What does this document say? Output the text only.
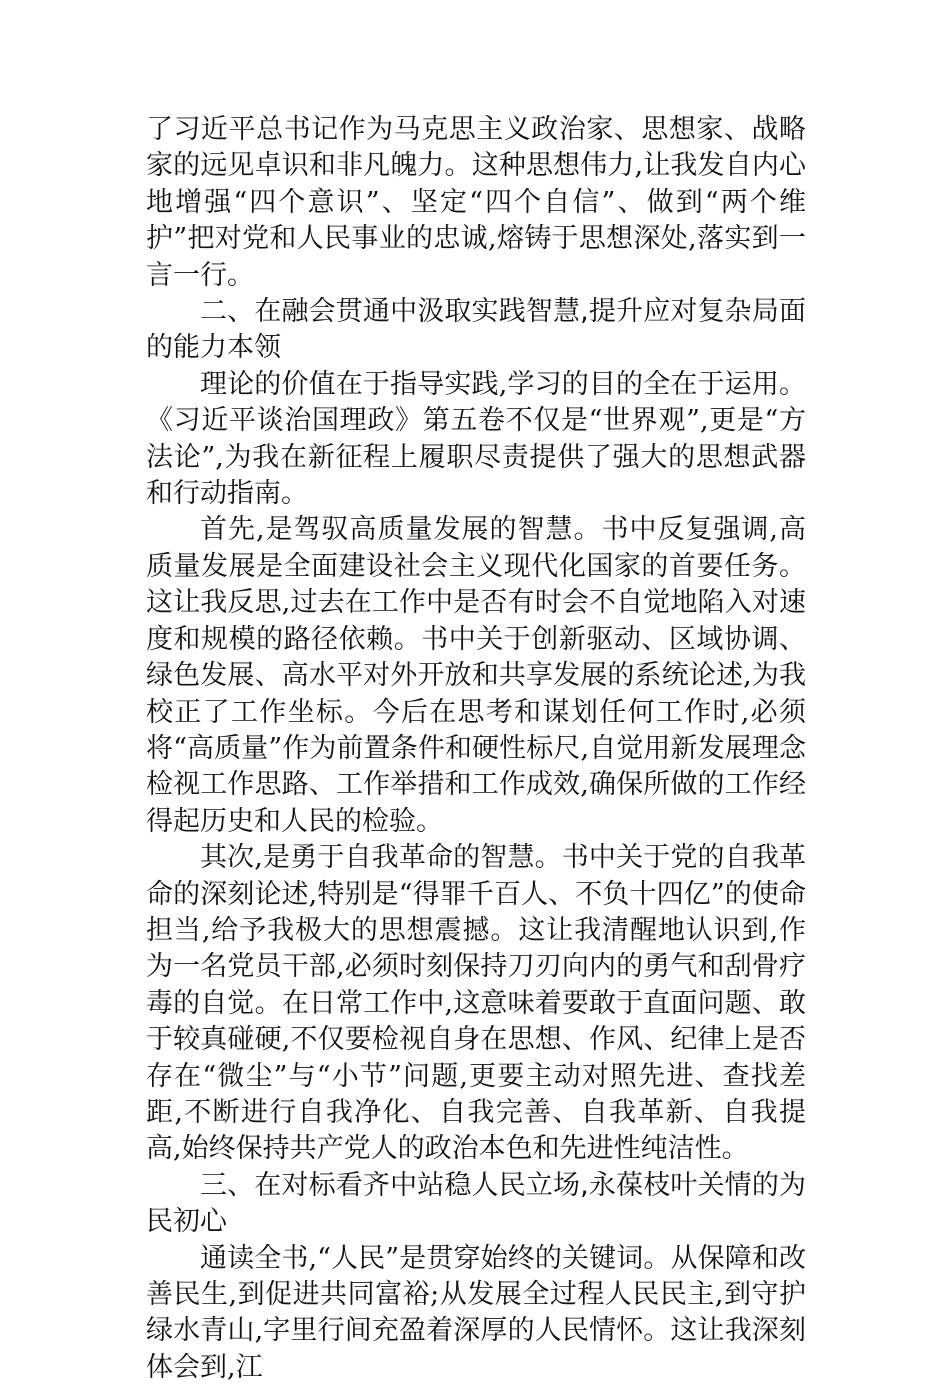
了习近平总书记作为马克思主义政治家、思想家、战略家的远见卓识和非凡魄力。这种思想伟力,让我发自内心地增强“四个意识”、坚定“四个自信”、做到“两个维护”把对党和人民事业的忠诚,熔铸于思想深处,落实到一言一行。

二、在融会贯通中汲取实践智慧,提升应对复杂局面的能力本领

理论的价值在于指导实践,学习的目的全在于运用。《习近平谈治国理政》第五卷不仅是“世界观”,更是“方法论”,为我在新征程上履职尽责提供了强大的思想武器和行动指南。

首先,是驾驭高质量发展的智慧。书中反复强调,高质量发展是全面建设社会主义现代化国家的首要任务。这让我反思,过去在工作中是否有时会不自觉地陷入对速度和规模的路径依赖。书中关于创新驱动、区域协调、绿色发展、高水平对外开放和共享发展的系统论述,为我校正了工作坐标。今后在思考和谋划任何工作时,必须将“高质量”作为前置条件和硬性标尺,自觉用新发展理念检视工作思路、工作举措和工作成效,确保所做的工作经得起历史和人民的检验。

其次,是勇于自我革命的智慧。书中关于党的自我革命的深刻论述,特别是“得罪千百人、不负十四亿”的使命担当,给予我极大的思想震撼。这让我清醒地认识到,作为一名党员干部,必须时刻保持刀刃向内的勇气和刮骨疗毒的自觉。在日常工作中,这意味着要敢于直面问题、敢于较真碰硬,不仅要检视自身在思想、作风、纪律上是否存在“微尘”与“小节”问题,更要主动对照先进、查找差距,不断进行自我净化、自我完善、自我革新、自我提高,始终保持共产党人的政治本色和先进性纯洁性。

三、在对标看齐中站稳人民立场,永葆枝叶关情的为民初心

通读全书,“人民”是贯穿始终的关键词。从保障和改善民生,到促进共同富裕;从发展全过程人民民主,到守护绿水青山,字里行间充盈着深厚的人民情怀。这让我深刻体会到,江
